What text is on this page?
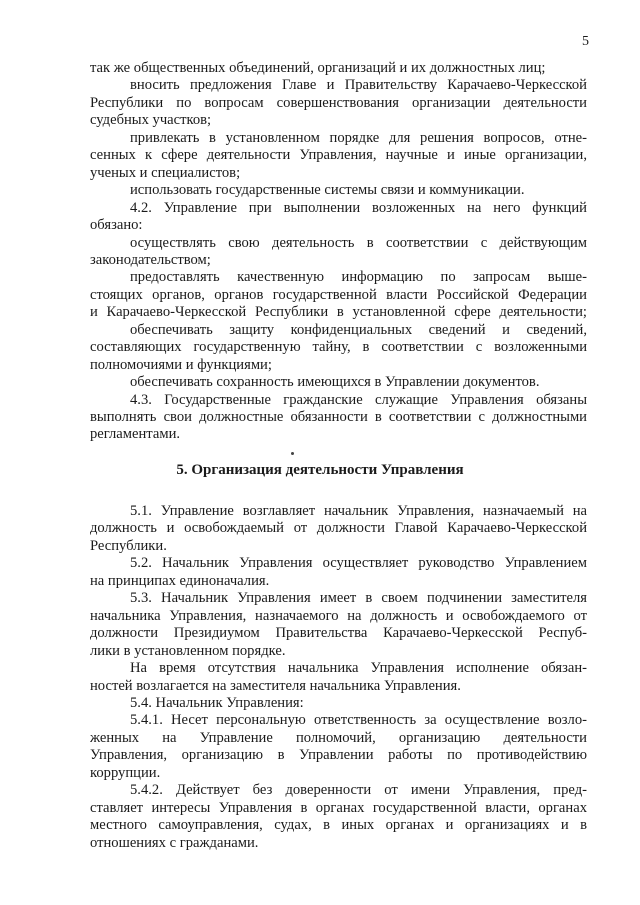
5
так же общественных объединений, организаций и их должностных лиц;
вносить предложения Главе и Правительству Карачаево-Черкесской
Республики по вопросам совершенствования организации деятельности
судебных участков;
привлекать в установленном порядке для решения вопросов, отне-
сенных к сфере деятельности Управления, научные и иные организации,
ученых и специалистов;
использовать государственные системы связи и коммуникации.
4.2. Управление при выполнении возложенных на него функций
обязано:
осуществлять свою деятельность в соответствии с действующим
законодательством;
предоставлять качественную информацию по запросам выше-
стоящих органов, органов государственной власти Российской Федерации
и Карачаево-Черкесской Республики в установленной сфере деятельности;
обеспечивать защиту конфиденциальных сведений и сведений,
составляющих государственную тайну, в соответствии с возложенными
полномочиями и функциями;
обеспечивать сохранность имеющихся в Управлении документов.
4.3. Государственные гражданские служащие Управления обязаны
выполнять свои должностные обязанности в соответствии с должностными
регламентами.
5. Организация деятельности Управления
5.1. Управление возглавляет начальник Управления, назначаемый на
должность и освобождаемый от должности Главой Карачаево-Черкесской
Республики.
5.2. Начальник Управления осуществляет руководство Управлением
на принципах единоначалия.
5.3. Начальник Управления имеет в своем подчинении заместителя
начальника Управления, назначаемого на должность и освобождаемого от
должности Президиумом Правительства Карачаево-Черкесской Респуб-
лики в установленном порядке.
На время отсутствия начальника Управления исполнение обязан-
ностей возлагается на заместителя начальника Управления.
5.4. Начальник Управления:
5.4.1. Несет персональную ответственность за осуществление возло-
женных на Управление полномочий, организацию деятельности
Управления, организацию в Управлении работы по противодействию
коррупции.
5.4.2. Действует без доверенности от имени Управления, пред-
ставляет интересы Управления в органах государственной власти, органах
местного самоуправления, судах, в иных органах и организациях и в
отношениях с гражданами.
